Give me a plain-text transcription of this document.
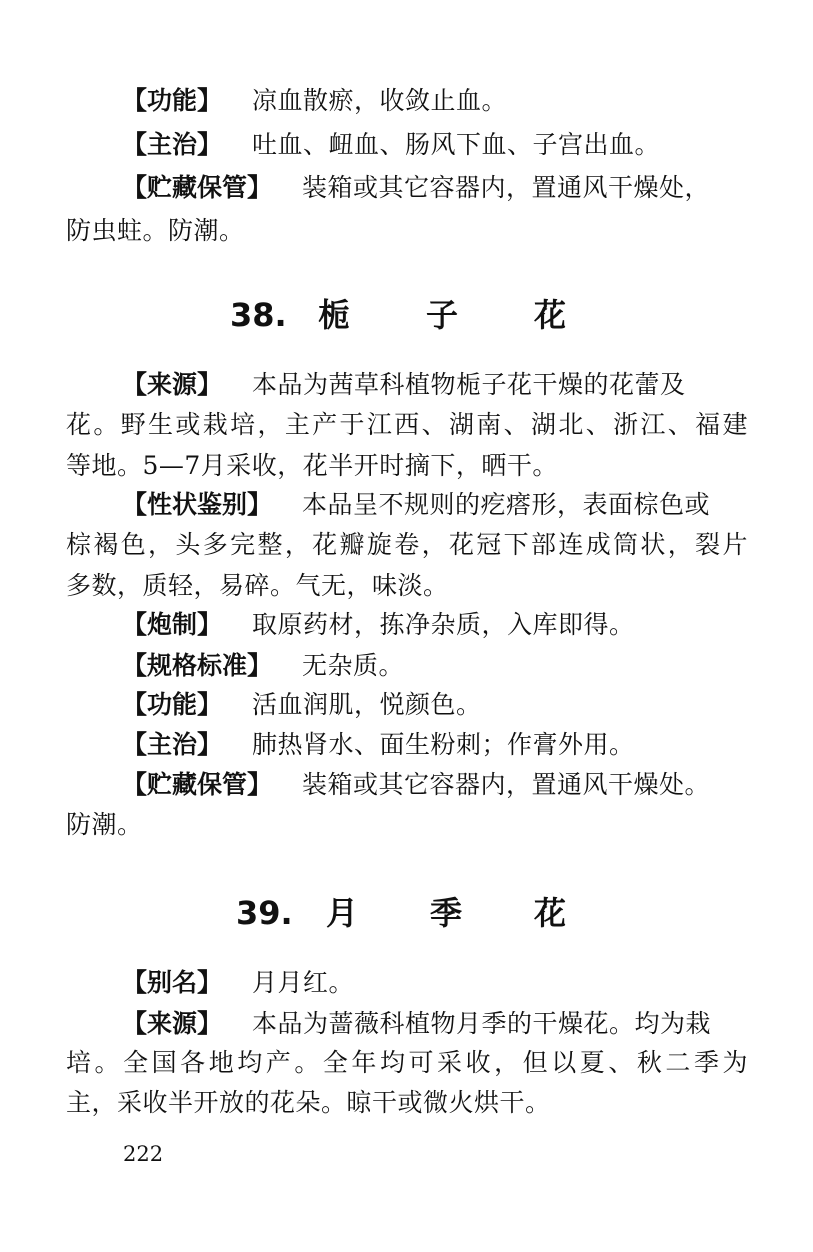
【功能】 凉血散瘀，收敛止血。
【主治】 吐血、衄血、肠风下血、子宫出血。
【贮藏保管】 装箱或其它容器内，置通风干燥处，
防虫蛀。防潮。
38. 栀 子 花
【来源】 本品为茜草科植物栀子花干燥的花蕾及
花。野生或栽培，主产于江西、湖南、湖北、浙江、福建
等地。5—7月采收，花半开时摘下，晒干。
【性状鉴别】 本品呈不规则的疙瘩形，表面棕色或
棕褐色，头多完整，花瓣旋卷，花冠下部连成筒状，裂片
多数，质轻，易碎。气无，味淡。
【炮制】 取原药材，拣净杂质，入库即得。
【规格标准】 无杂质。
【功能】 活血润肌，悦颜色。
【主治】 肺热肾水、面生粉刺；作膏外用。
【贮藏保管】 装箱或其它容器内，置通风干燥处。
防潮。
39. 月 季 花
【别名】 月月红。
【来源】 本品为蔷薇科植物月季的干燥花。均为栽
培。全国各地均产。全年均可采收，但以夏、秋二季为
主，采收半开放的花朵。晾干或微火烘干。
222
